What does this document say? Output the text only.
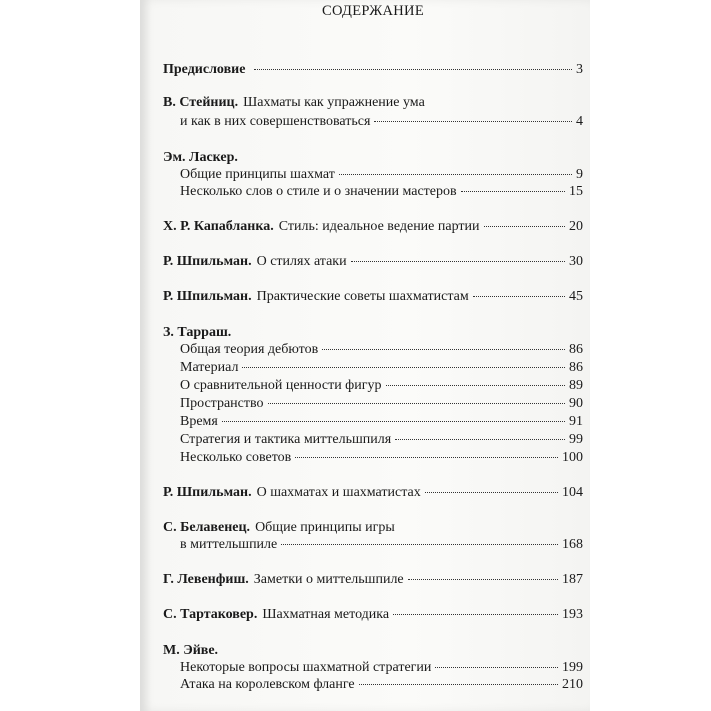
СОДЕРЖАНИЕ
Предисловие	3
В. Стейниц. Шахматы как упражнение ума
и как в них совершенствоваться	4
Эм. Ласкер.
Общие принципы шахмат	9
Несколько слов о стиле и о значении мастеров	15
Х. Р. Капабланка. Стиль: идеальное ведение партии	20
Р. Шпильман. О стилях атаки	30
Р. Шпильман. Практические советы шахматистам	45
З. Тарраш.
Общая теория дебютов	86
Материал	86
О сравнительной ценности фигур	89
Пространство	90
Время	91
Стратегия и тактика миттельшпиля	99
Несколько советов	100
Р. Шпильман. О шахматах и шахматистах	104
С. Белавенец. Общие принципы игры
в миттельшпиле	168
Г. Левенфиш. Заметки о миттельшпиле	187
С. Тартаковер. Шахматная методика	193
М. Эйве.
Некоторые вопросы шахматной стратегии	199
Атака на королевском фланге	210
